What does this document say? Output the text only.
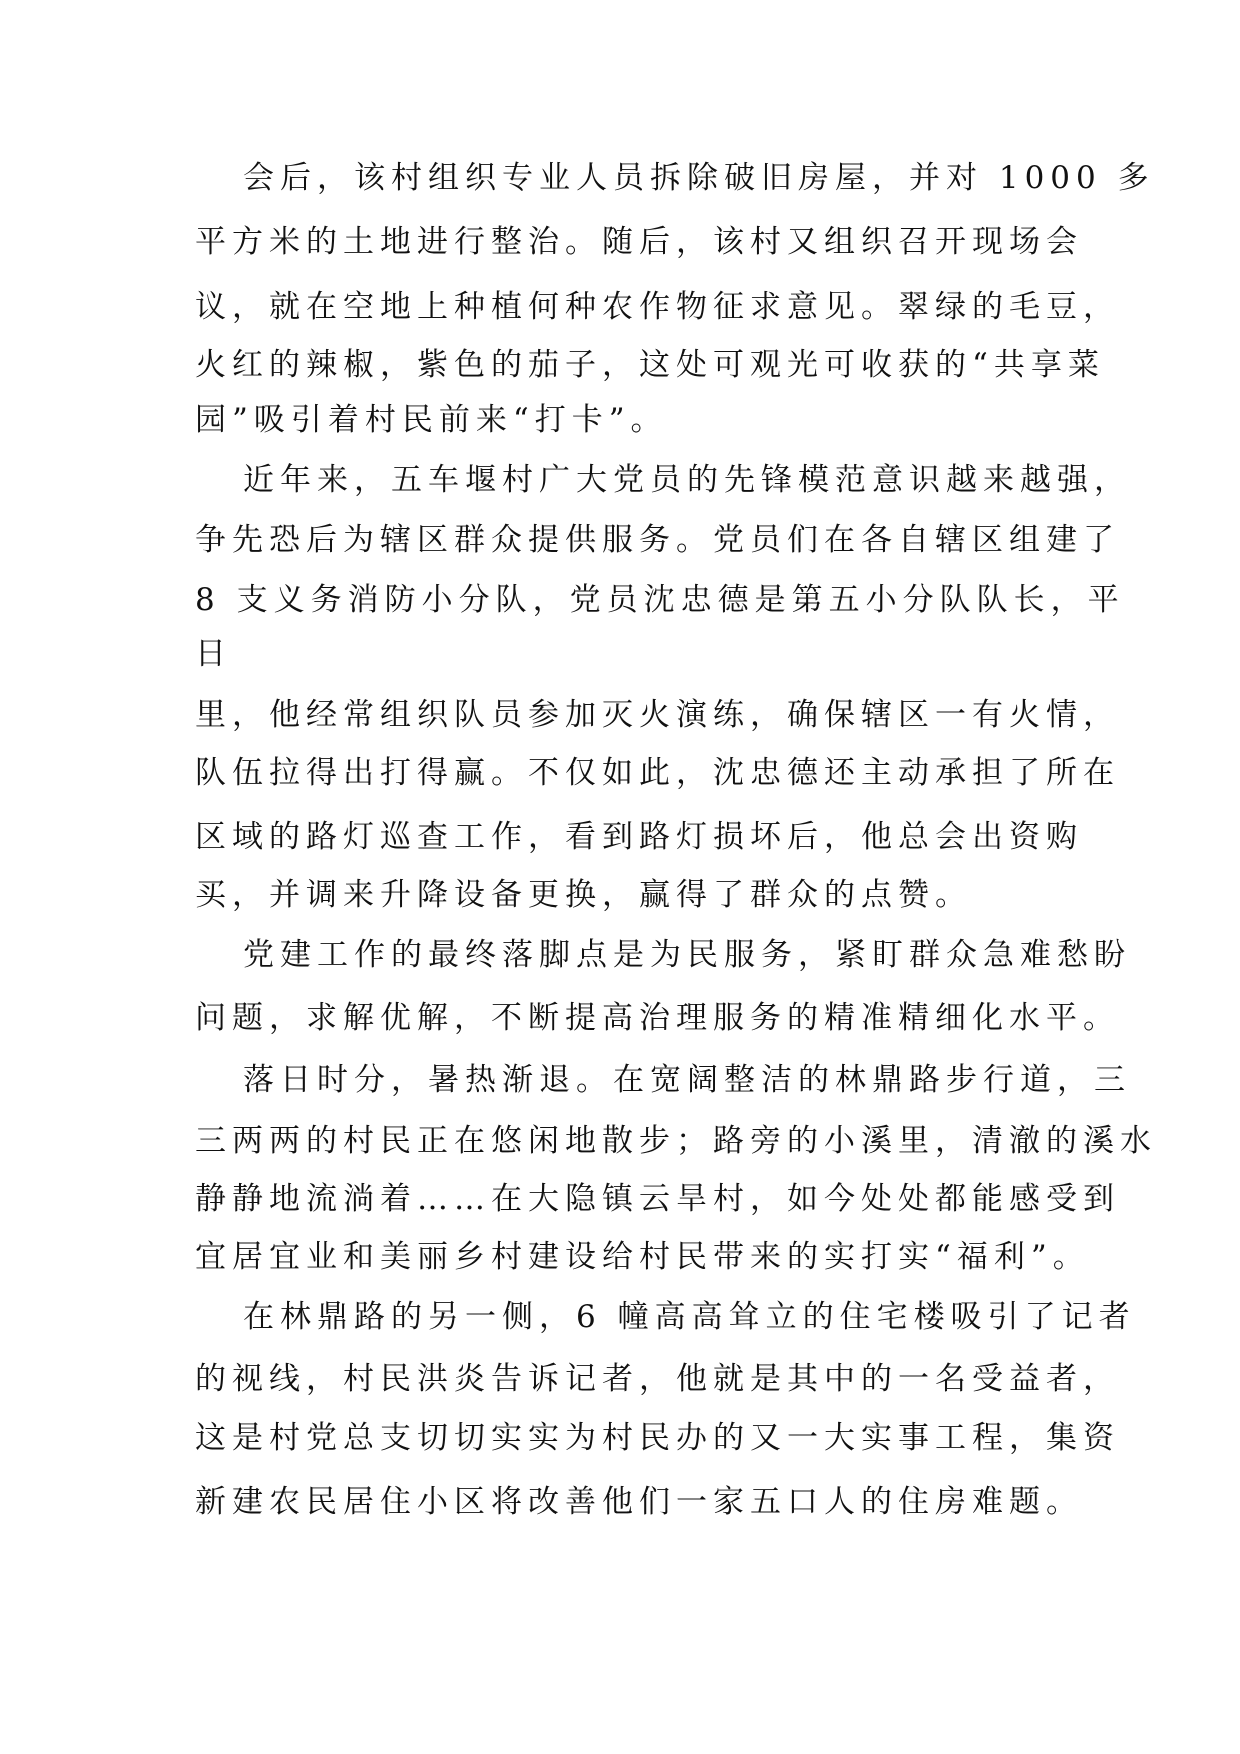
会后，该村组织专业人员拆除破旧房屋，并对 1000 多
平方米的土地进行整治。随后，该村又组织召开现场会
议，就在空地上种植何种农作物征求意见。翠绿的毛豆，
火红的辣椒，紫色的茄子，这处可观光可收获的“共享菜
园”吸引着村民前来“打卡”。
近年来，五车堰村广大党员的先锋模范意识越来越强，
争先恐后为辖区群众提供服务。党员们在各自辖区组建了
8 支义务消防小分队，党员沈忠德是第五小分队队长，平
日
里，他经常组织队员参加灭火演练，确保辖区一有火情，
队伍拉得出打得赢。不仅如此，沈忠德还主动承担了所在
区域的路灯巡查工作，看到路灯损坏后，他总会出资购
买，并调来升降设备更换，赢得了群众的点赞。
党建工作的最终落脚点是为民服务，紧盯群众急难愁盼
问题，求解优解，不断提高治理服务的精准精细化水平。
落日时分，暑热渐退。在宽阔整洁的林鼎路步行道，三
三两两的村民正在悠闲地散步；路旁的小溪里，清澈的溪水
静静地流淌着……在大隐镇云旱村，如今处处都能感受到
宜居宜业和美丽乡村建设给村民带来的实打实“福利”。
在林鼎路的另一侧，6 幢高高耸立的住宅楼吸引了记者
的视线，村民洪炎告诉记者，他就是其中的一名受益者，
这是村党总支切切实实为村民办的又一大实事工程，集资
新建农民居住小区将改善他们一家五口人的住房难题。
